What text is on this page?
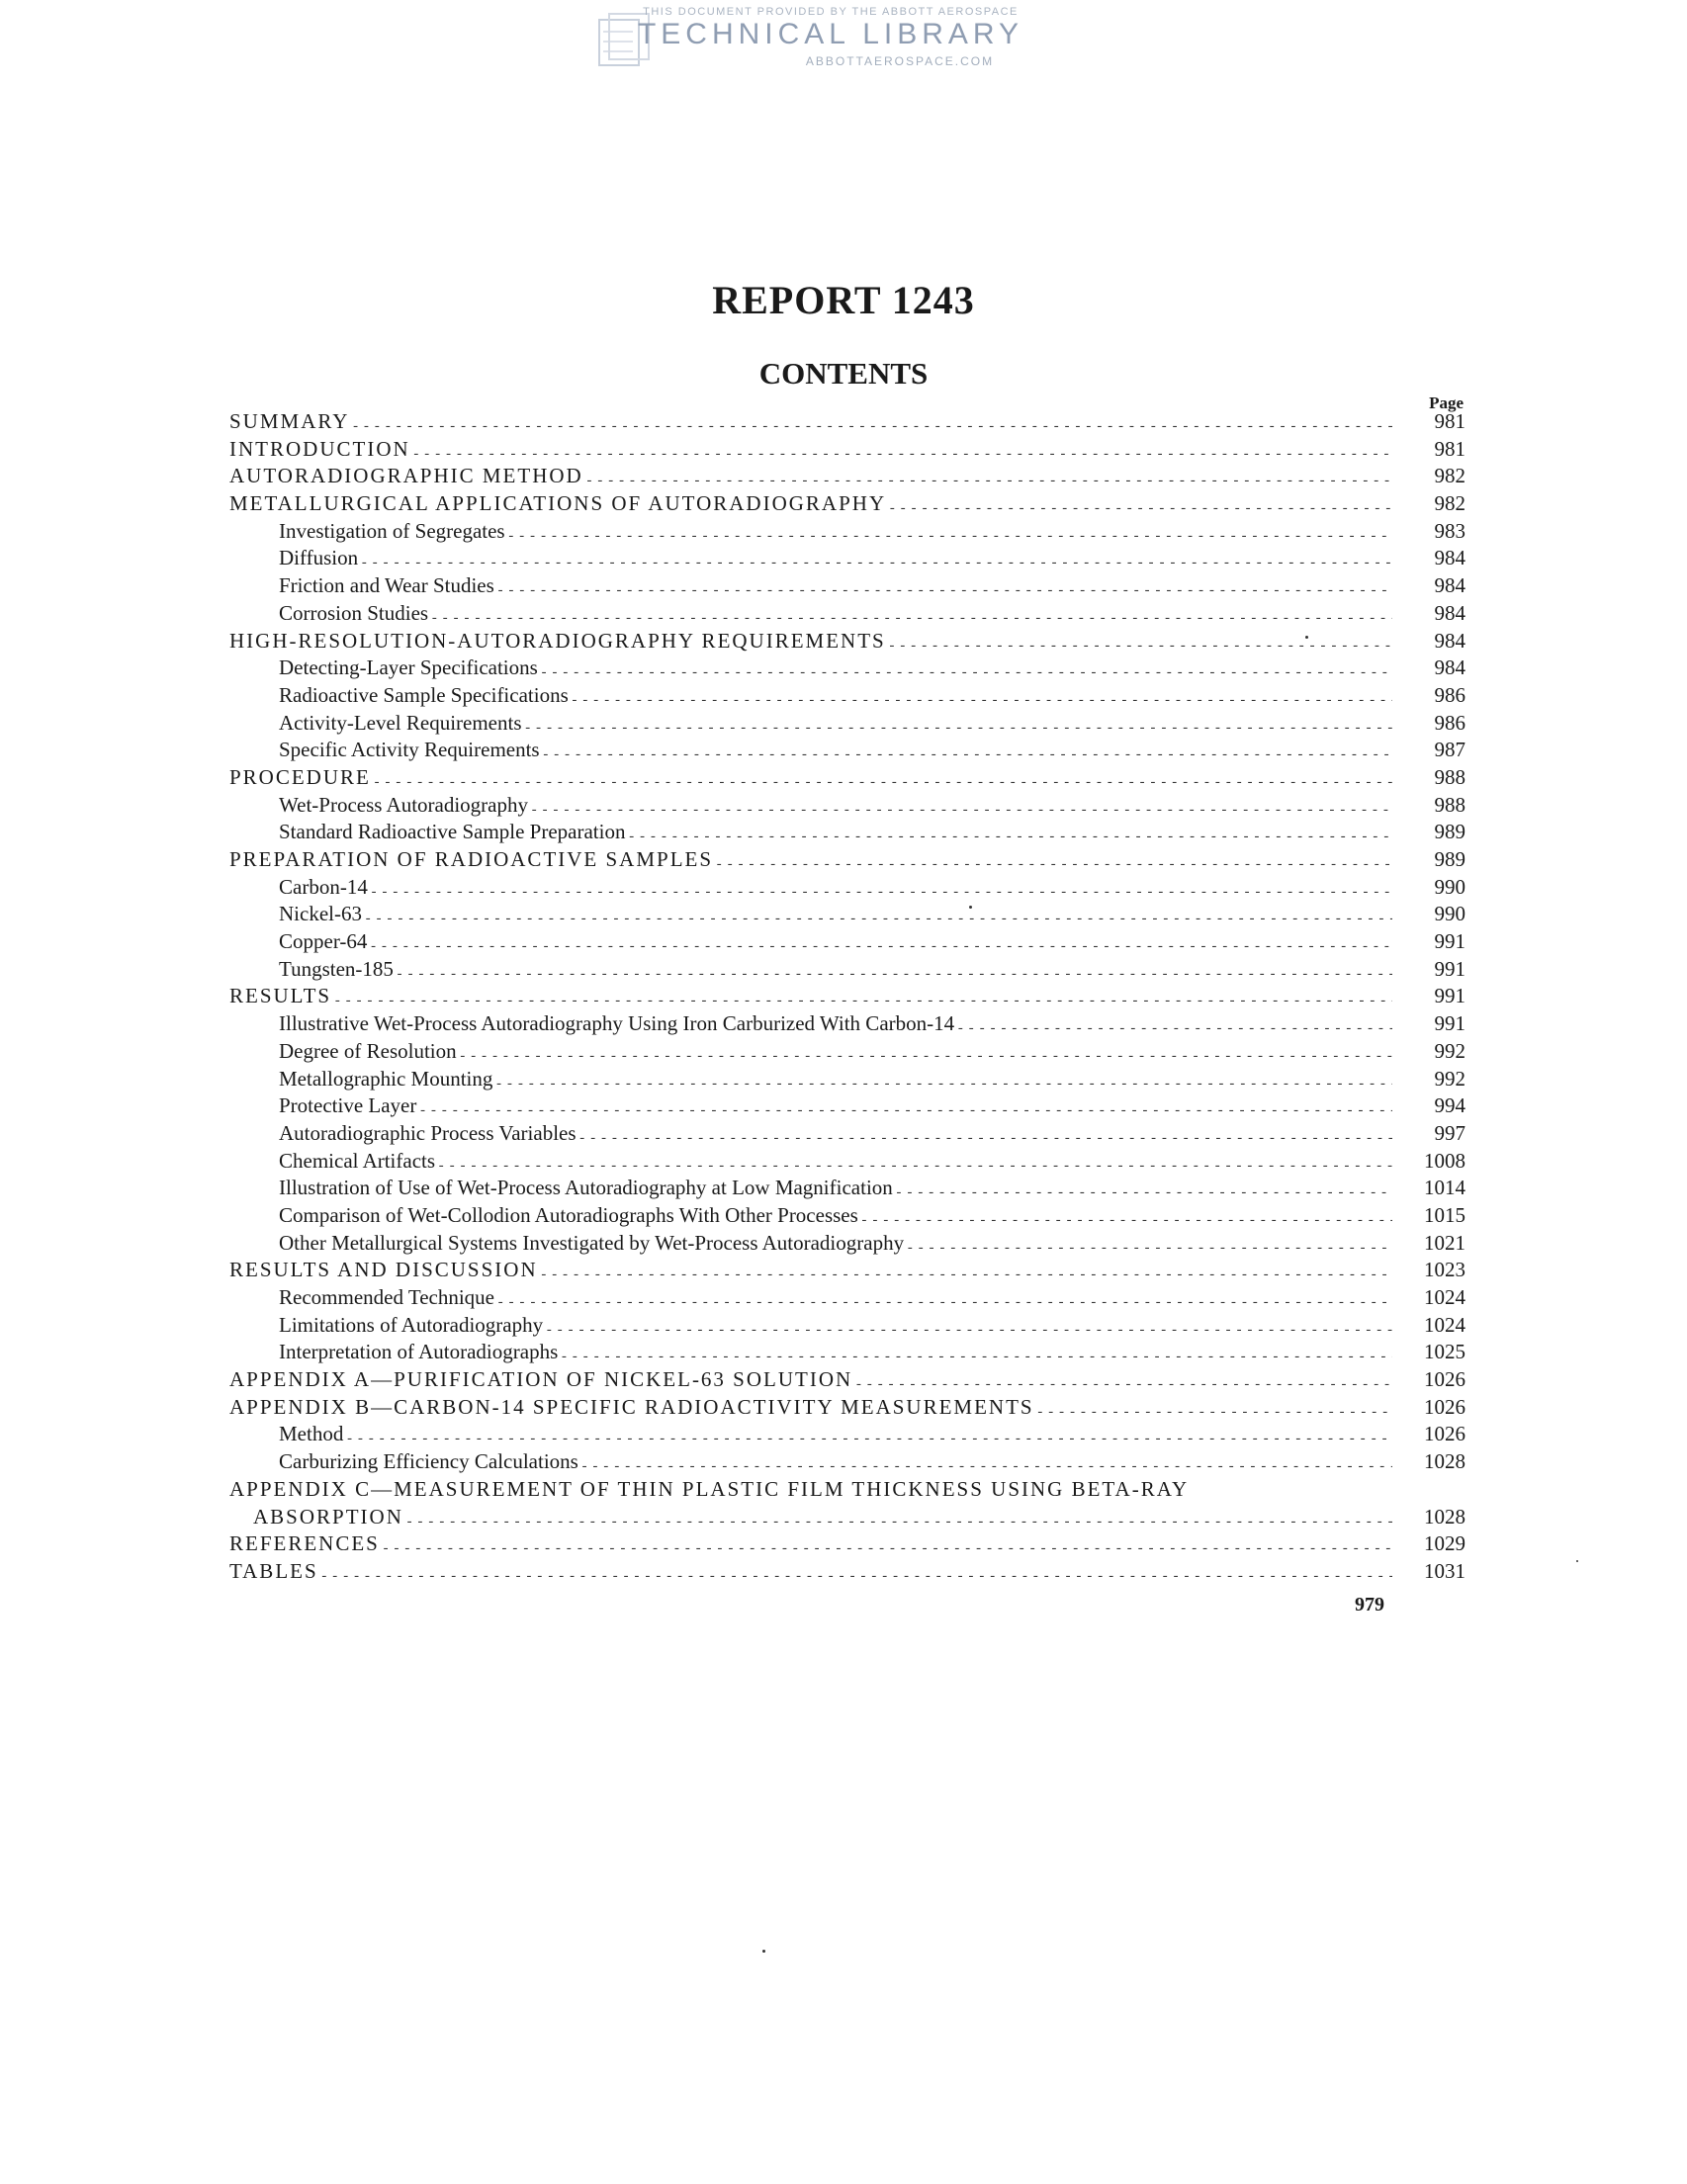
THIS DOCUMENT PROVIDED BY THE ABBOTT AEROSPACE
TECHNICAL LIBRARY
ABBOTTAEROSPACE.COM
REPORT 1243
CONTENTS
Page
SUMMARY -----	981
INTRODUCTION -----	981
AUTORADIOGRAPHIC METHOD -----	982
METALLURGICAL APPLICATIONS OF AUTORADIOGRAPHY -----	982
Investigation of Segregates -----	983
Diffusion -----	984
Friction and Wear Studies -----	984
Corrosion Studies -----	984
HIGH-RESOLUTION-AUTORADIOGRAPHY REQUIREMENTS -----	984
Detecting-Layer Specifications -----	984
Radioactive Sample Specifications -----	986
Activity-Level Requirements -----	986
Specific Activity Requirements -----	987
PROCEDURE -----	988
Wet-Process Autoradiography -----	988
Standard Radioactive Sample Preparation -----	989
PREPARATION OF RADIOACTIVE SAMPLES -----	989
Carbon-14 -----	990
Nickel-63 -----	990
Copper-64 -----	991
Tungsten-185 -----	991
RESULTS -----	991
Illustrative Wet-Process Autoradiography Using Iron Carburized With Carbon-14 -----	991
Degree of Resolution -----	992
Metallographic Mounting -----	992
Protective Layer -----	994
Autoradiographic Process Variables -----	997
Chemical Artifacts -----	1008
Illustration of Use of Wet-Process Autoradiography at Low Magnification -----	1014
Comparison of Wet-Collodion Autoradiographs With Other Processes -----	1015
Other Metallurgical Systems Investigated by Wet-Process Autoradiography -----	1021
RESULTS AND DISCUSSION -----	1023
Recommended Technique -----	1024
Limitations of Autoradiography -----	1024
Interpretation of Autoradiographs -----	1025
APPENDIX A—PURIFICATION OF NICKEL-63 SOLUTION -----	1026
APPENDIX B—CARBON-14 SPECIFIC RADIOACTIVITY MEASUREMENTS -----	1026
Method -----	1026
Carburizing Efficiency Calculations -----	1028
APPENDIX C—MEASUREMENT OF THIN PLASTIC FILM THICKNESS USING BETA-RAY
ABSORPTION -----	1028
REFERENCES -----	1029
TABLES -----	1031
979
